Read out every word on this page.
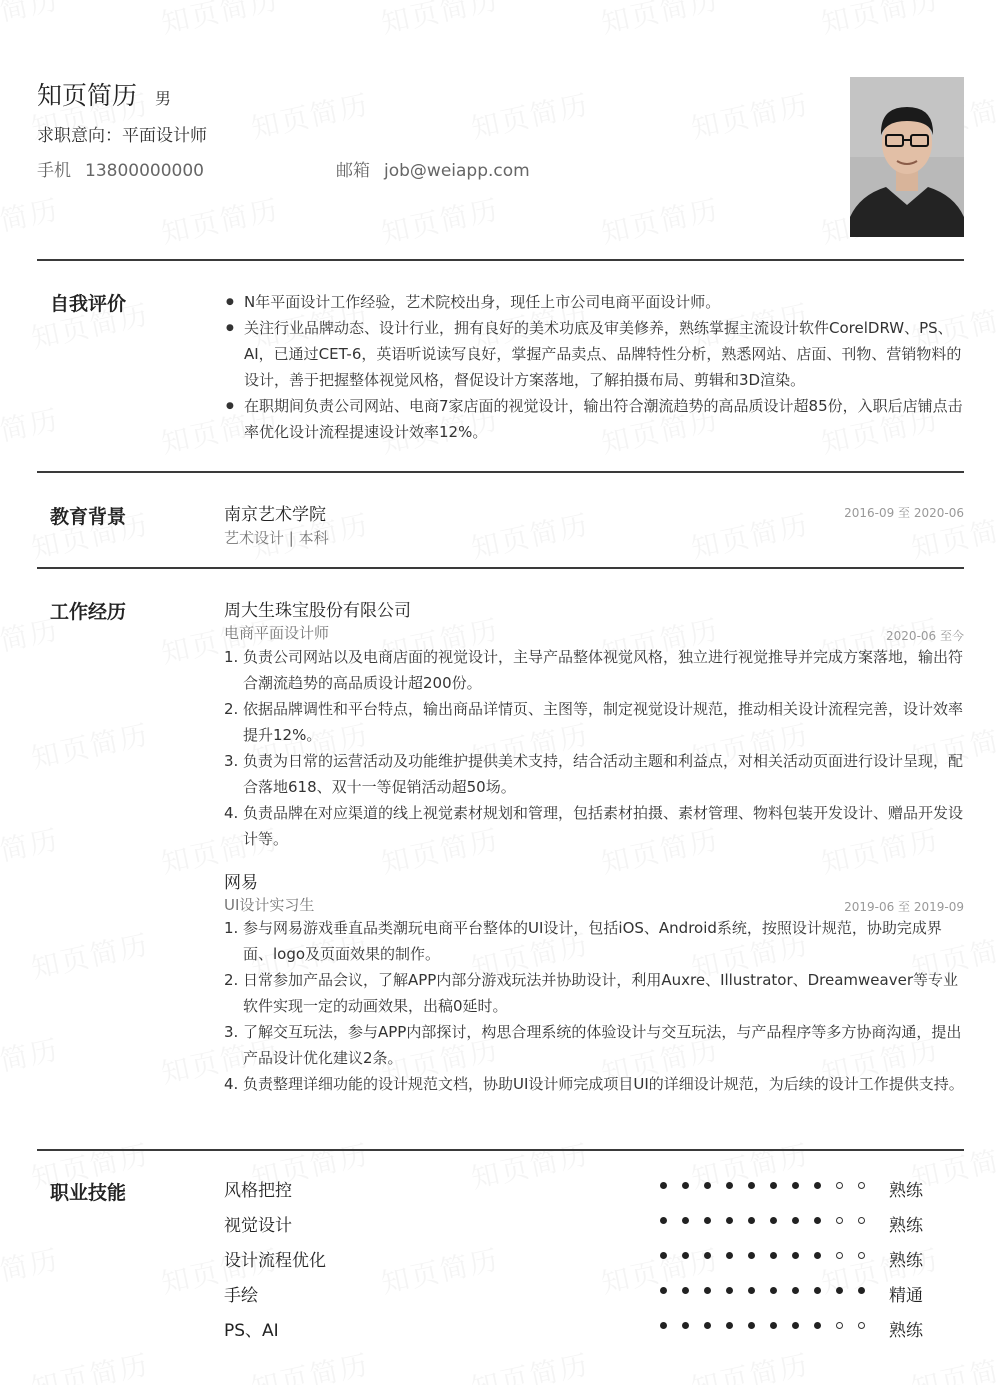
知页简历 男
求职意向：平面设计师
手机 13800000000	邮箱 job@weiapp.com
自我评价
●	N年平面设计工作经验，艺术院校出身，现任上市公司电商平面设计师。
● 关注行业品牌动态、设计行业，拥有良好的美术功底及审美修养，熟练掌握主流设计软件CorelDRW、PS、AI，已通过CET-6，英语听说读写良好，掌握产品卖点、品牌特性分析，熟悉网站、店面、刊物、营销物料的设计，善于把握整体视觉风格，督促设计方案落地，了解拍摄布局、剪辑和3D渲染。
● 在职期间负责公司网站、电商7家店面的视觉设计，输出符合潮流趋势的高品质设计超85份，入职后店铺点击率优化设计流程提速设计效率12%。
教育背景	南京艺术学院
艺术设计 | 本科
2016-09 至 2020-06
工作经历	周大生珠宝股份有限公司
电商平面设计师	2020-06 至今
1. 负责公司网站以及电商店面的视觉设计，主导产品整体视觉风格，独立进行视觉推导并完成方案落地，输出符合潮流趋势的高品质设计超200份。
2. 依据品牌调性和平台特点，输出商品详情页、主图等，制定视觉设计规范，推动相关设计流程完善，设计效率提升12%。
3. 负责为日常的运营活动及功能维护提供美术支持，结合活动主题和利益点，对相关活动页面进行设计呈现，配合落地618、双十一等促销活动超50场。
4. 负责品牌在对应渠道的线上视觉素材规划和管理，包括素材拍摄、素材管理、物料包装开发设计、赠品开发设计等。
网易
UI设计实习生	2019-06 至 2019-09
1. 参与网易游戏垂直品类潮玩电商平台整体的UI设计，包括iOS、Android系统，按照设计规范，协助完成界面、logo及页面效果的制作。
2. 日常参加产品会议，了解APP内部分游戏玩法并协助设计，利用Auxre、Illustrator、Dreamweaver等专业软件实现一定的动画效果，出稿0延时。
3. 了解交互玩法，参与APP内部探讨，构思合理系统的体验设计与交互玩法，与产品程序等多方协商沟通，提出产品设计优化建议2条。
4. 负责整理详细功能的设计规范文档，协助UI设计师完成项目UI的详细设计规范，为后续的设计工作提供支持。
职业技能	风格把控	熟练
视觉设计	熟练
设计流程优化	熟练
手绘	精通
PS、AI	熟练
